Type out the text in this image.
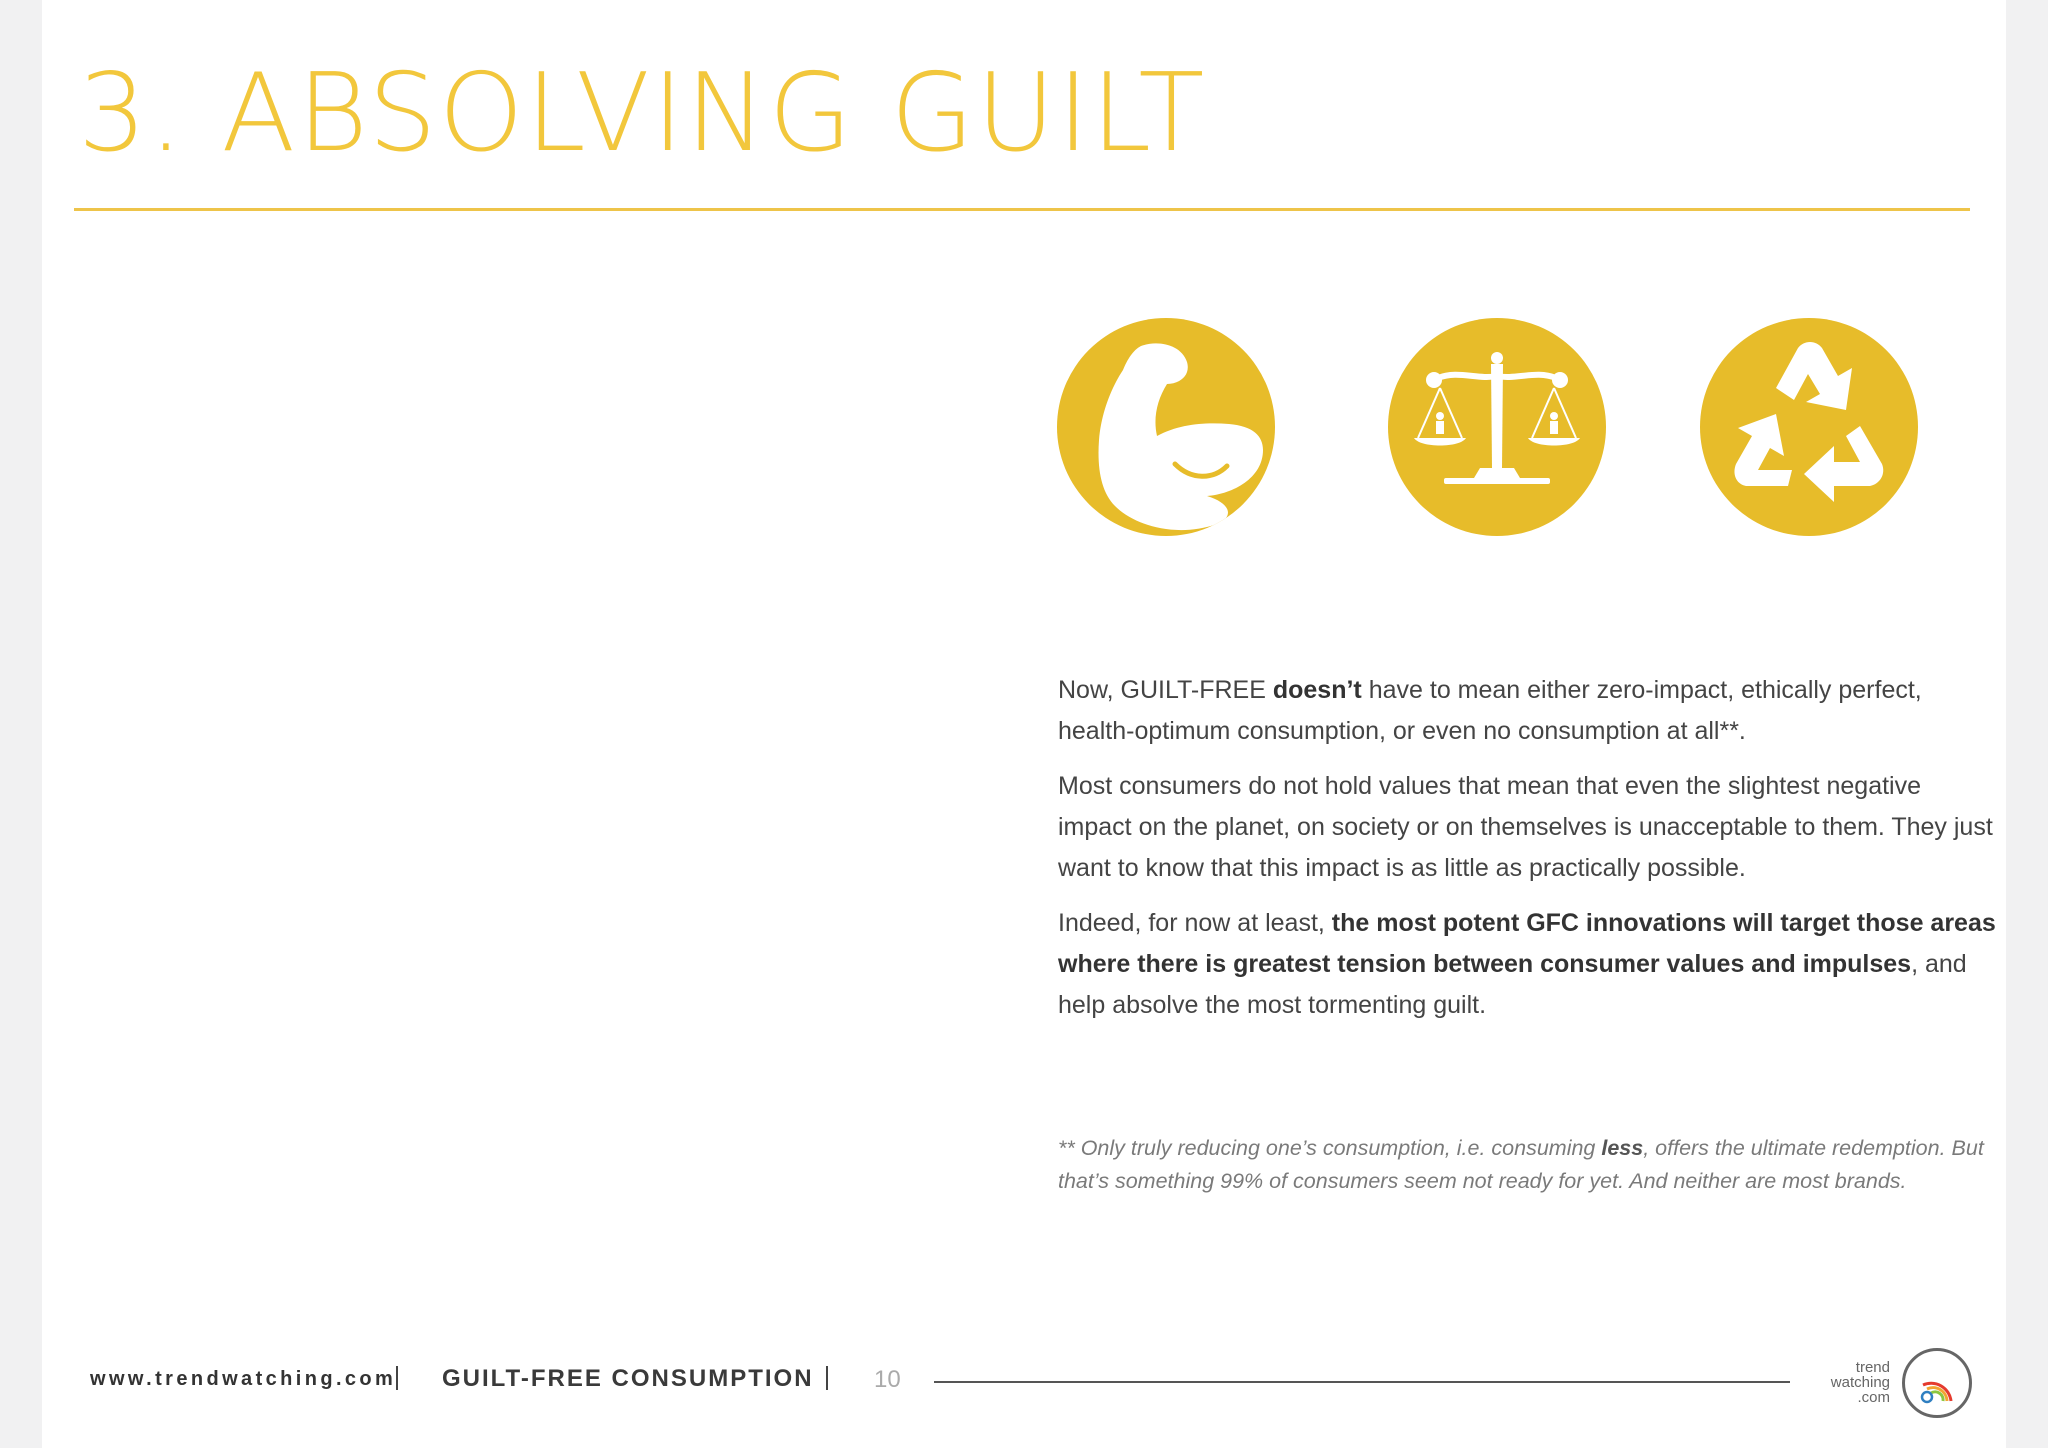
3. ABSOLVING GUILT

Now, GUILT-FREE doesn’t have to mean either zero-impact, ethically perfect, health-optimum consumption, or even no consumption at all**.

Most consumers do not hold values that mean that even the slightest negative impact on the planet, on society or on themselves is unacceptable to them. They just want to know that this impact is as little as practically possible.

Indeed, for now at least, the most potent GFC innovations will target those areas where there is greatest tension between consumer values and impulses, and help absolve the most tormenting guilt.

** Only truly reducing one’s consumption, i.e. consuming less, offers the ultimate redemption. But that’s something 99% of consumers seem not ready for yet. And neither are most brands.
www.trendwatching.com GUILT-FREE CONSUMPTION	10	trend
watching
.com
